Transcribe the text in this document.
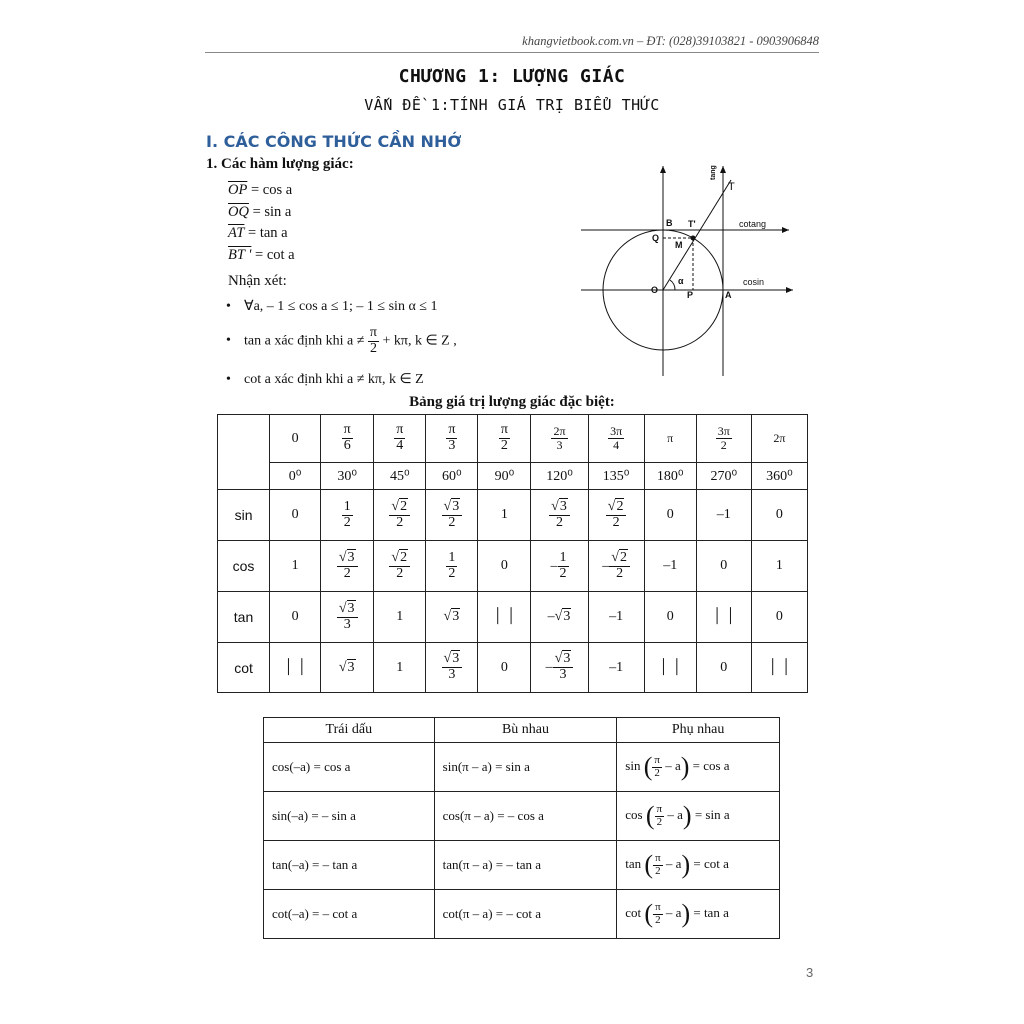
khangvietbook.com.vn – ĐT: (028)39103821 - 0903906848
CHƯƠNG 1: LƯỢNG GIÁC
VẤN ĐỀ 1:TÍNH GIÁ TRỊ BIỂU THỨC
I. CÁC CÔNG THỨC CẦN NHỚ
1. Các hàm lượng giác:
$\overline{OP} = \cos a$
$\overline{OQ} = \sin a$
$\overline{AT} = \tan a$
BT ' = cot a
Nhận xét:
• ∀a, – 1 ≤ cos a ≤ 1; – 1 ≤ sin α ≤ 1
• tan a xác định khi $a \ne \frac{\pi}{2} + k\pi$, k ∈ Z ,
• cot a xác định khi a ≠ kπ, k ∈ Z
tang
T
B T'	cotang
Q
M
O
α
P	A
cosin
Bảng giá trị lượng giác đặc biệt:
	0	$\frac{\pi}{6}$	$\frac{\pi}{4}$	$\frac{\pi}{3}$	$\frac{\pi}{2}$	$\frac{2\pi}{3}$	$\frac{3\pi}{4}$	π	$\frac{3\pi}{2}$	2π
	0⁰	30⁰	45⁰	60⁰	90⁰	120⁰	135⁰	180⁰	270⁰	360⁰
sin	0	$\frac{1}{2}$	$\frac{√2}{2}$	$\frac{√3}{2}$	1	$\frac{√3}{2}$	$\frac{√2}{2}$	0	–1	0
cos	1	$\frac{√3}{2}$	$\frac{√2}{2}$	$\frac{1}{2}$	0	– $\frac{1}{2}$	– $\frac{√2}{2}$	–1	0	1
tan	0	$\frac{√3}{3}$	1	√3	│ │	–√3	–1	0	│ │	0
cot	│ │	√3	1	$\frac{√3}{3}$	0	– $\frac{√3}{3}$	–1	│ │	0	│ │
Trái dấu	Bù nhau	Phụ nhau
cos(–a) = cos a	sin(π – a) = sin a	sin ( $\frac{\pi}{2} - a) = \cos a$
sin(–a) = – sin a	cos(π – a) = – cos a	cos ( $\frac{\pi}{2} - a) = \sin a$
tan(–a) = – tan a	tan(π – a) = – tan a	tan ( $\frac{\pi}{2} - a) = \cot a$
cot(–a) = – cot a	cot(π – a) = – cot a	cot ( $\frac{\pi}{2} - a) = \tan a$
3
